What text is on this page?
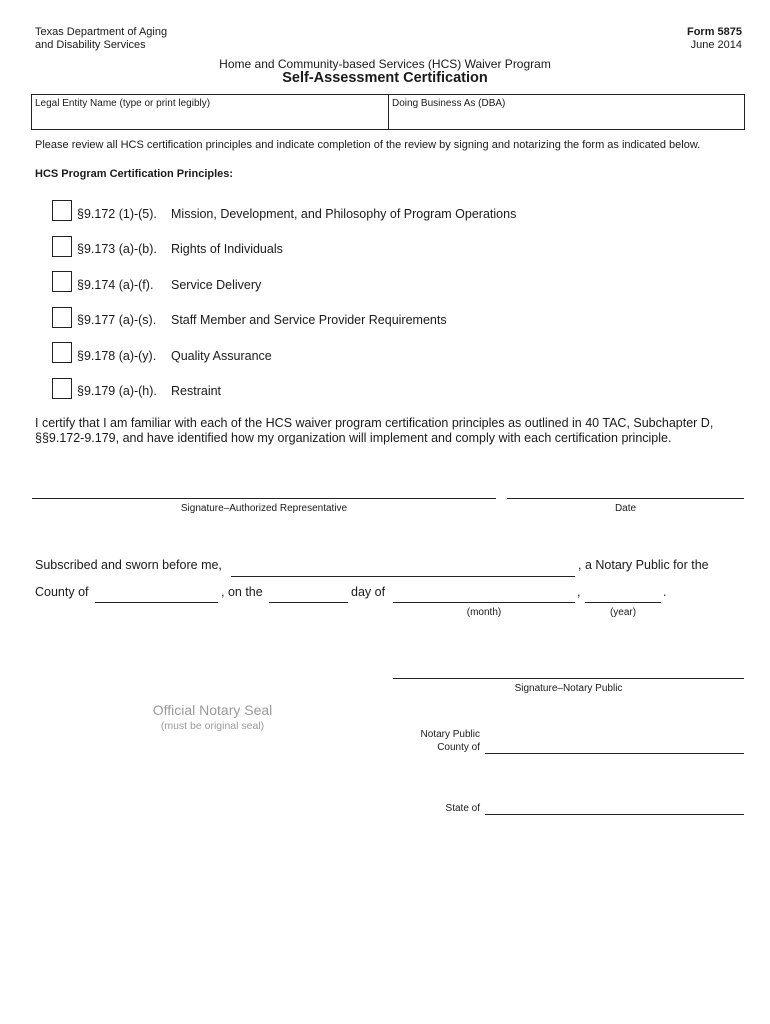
Texas Department of Aging
and Disability Services
Form 5875
June 2014
Home and Community-based Services (HCS) Waiver Program
Self-Assessment Certification
Legal Entity Name (type or print legibly)	Doing Business As (DBA)
Please review all HCS certification principles and indicate completion of the review by signing and notarizing the form as indicated below.
HCS Program Certification Principles:
§9.172 (1)-(5). Mission, Development, and Philosophy of Program Operations
§9.173 (a)-(b). Rights of Individuals
§9.174 (a)-(f). Service Delivery
§9.177 (a)-(s). Staff Member and Service Provider Requirements
§9.178 (a)-(y). Quality Assurance
§9.179 (a)-(h). Restraint
I certify that I am familiar with each of the HCS waiver program certification principles as outlined in 40 TAC, Subchapter D,
§§9.172-9.179, and have identified how my organization will implement and comply with each certification principle.
Signature–Authorized Representative	Date
Subscribed and sworn before me,	, a Notary Public for the
County of	, on the	day of	,	.
(month)	(year)
Signature–Notary Public
Official Notary Seal
(must be original seal)
Notary Public
County of
State of
